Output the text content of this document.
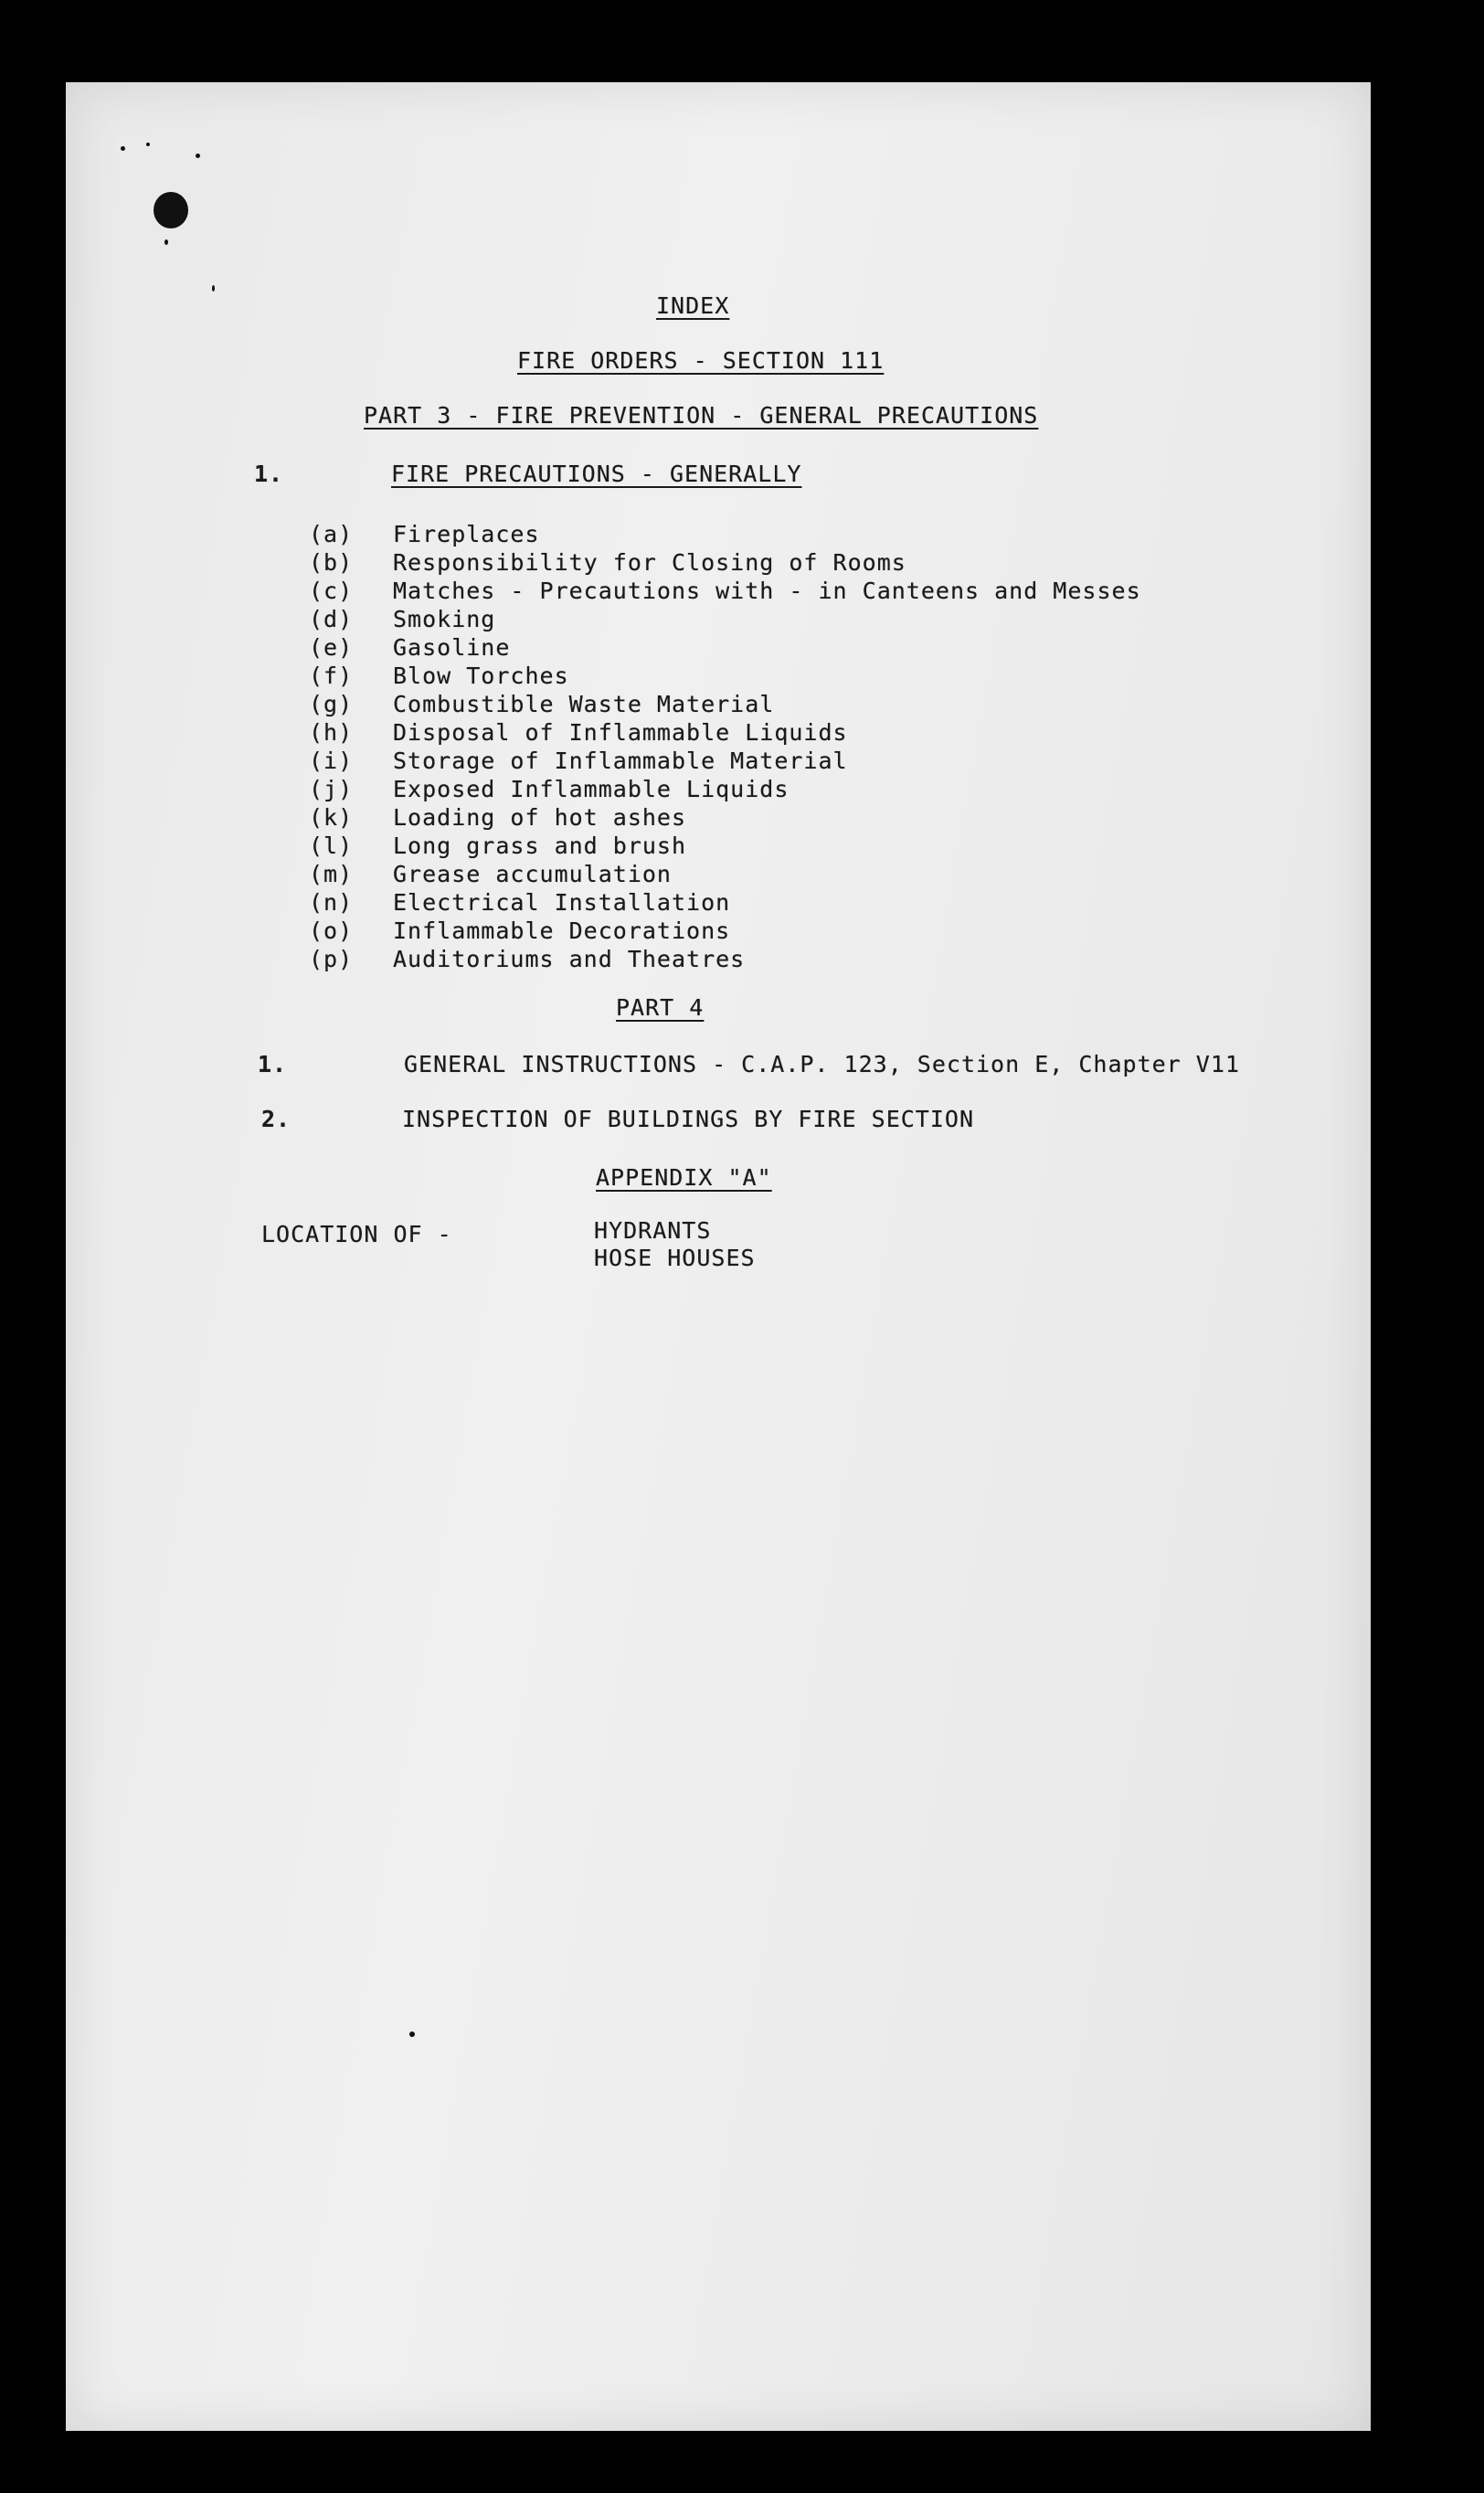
INDEX
FIRE ORDERS - SECTION 111
PART 3 - FIRE PREVENTION - GENERAL PRECAUTIONS
1.	FIRE PRECAUTIONS - GENERALLY
(a) Fireplaces
(b) Responsibility for Closing of Rooms
(c) Matches - Precautions with - in Canteens and Messes
(d) Smoking
(e) Gasoline
(f) Blow Torches
(g) Combustible Waste Material
(h) Disposal of Inflammable Liquids
(i) Storage of Inflammable Material
(j) Exposed Inflammable Liquids
(k) Loading of hot ashes
(l) Long grass and brush
(m) Grease accumulation
(n) Electrical Installation
(o) Inflammable Decorations
(p) Auditoriums and Theatres
PART 4
1.	GENERAL INSTRUCTIONS - C.A.P. 123, Section E, Chapter V11
2.	INSPECTION OF BUILDINGS BY FIRE SECTION
APPENDIX "A"
LOCATION OF -	HYDRANTS
HOSE HOUSES
